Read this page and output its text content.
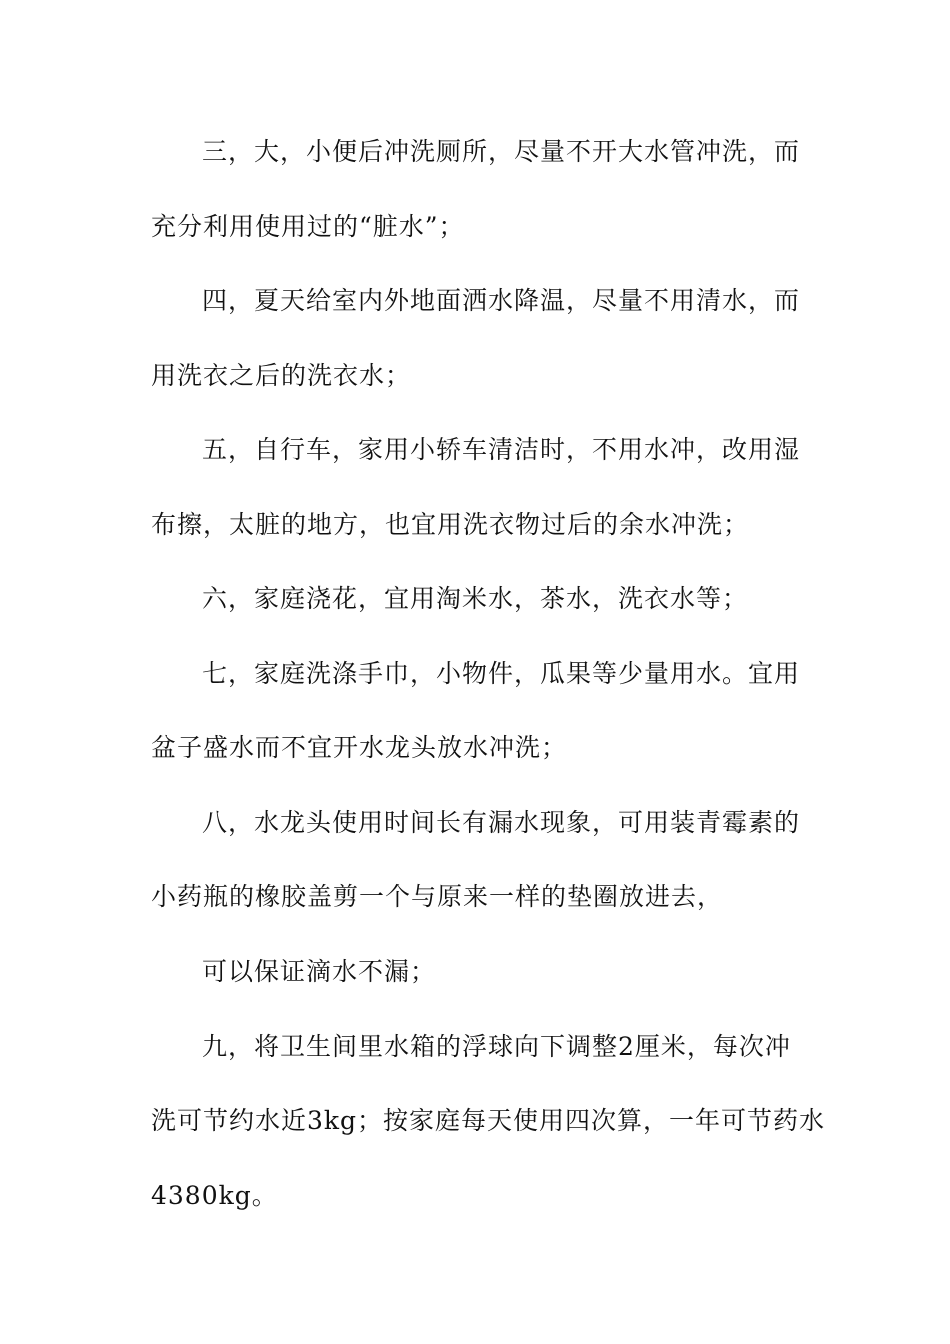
三，大，小便后冲洗厕所，尽量不开大水管冲洗，而
充分利用使用过的“脏水”；
四，夏天给室内外地面洒水降温，尽量不用清水，而
用洗衣之后的洗衣水；
五，自行车，家用小轿车清洁时，不用水冲，改用湿
布擦，太脏的地方，也宜用洗衣物过后的余水冲洗；
六，家庭浇花，宜用淘米水，茶水，洗衣水等；
七，家庭洗涤手巾，小物件，瓜果等少量用水。宜用
盆子盛水而不宜开水龙头放水冲洗；
八，水龙头使用时间长有漏水现象，可用装青霉素的
小药瓶的橡胶盖剪一个与原来一样的垫圈放进去，
可以保证滴水不漏；
九，将卫生间里水箱的浮球向下调整2厘米，每次冲
洗可节约水近3kg；按家庭每天使用四次算，一年可节药水
4380kg。
